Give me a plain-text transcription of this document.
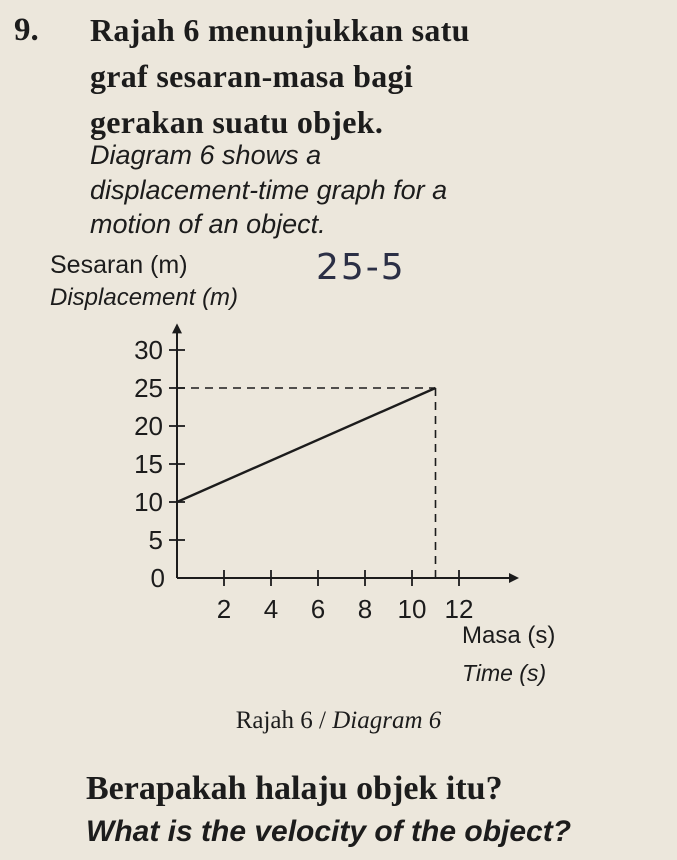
9. Rajah 6 menunjukkan satu
graf sesaran-masa bagi
gerakan suatu objek.
Diagram 6 shows a
displacement-time graph for a
motion of an object.
Sesaran (m)
Displacement (m)
25-5
0
2 4 6 8 10 12
5
10
15
20
25
30
Masa (s)
Time (s)
Rajah 6 / Diagram 6
Berapakah halaju objek itu?
What is the velocity of the object?
